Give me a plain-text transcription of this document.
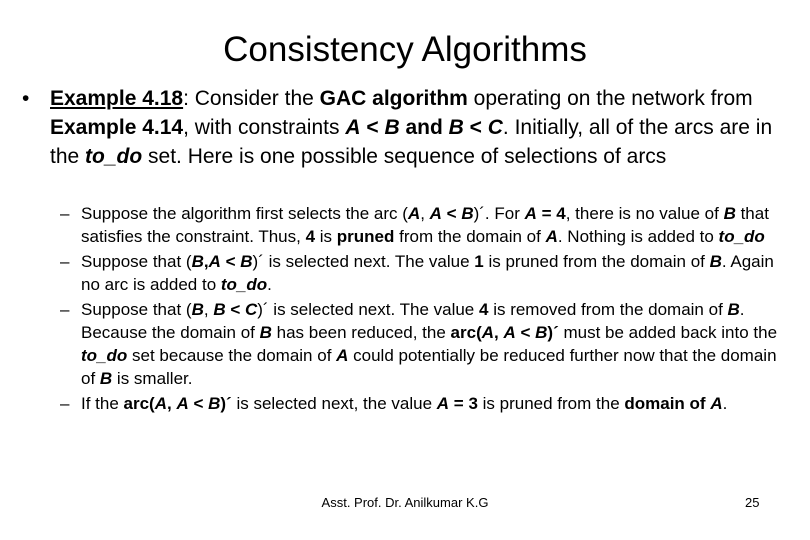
Consistency Algorithms
• Example 4.18: Consider the GAC algorithm operating on the network from Example 4.14, with constraints A < B and B < C. Initially, all of the arcs are in the to_do set. Here is one possible sequence of selections of arcs
– Suppose the algorithm first selects the arc (A, A < B)´. For A = 4, there is no value of B that satisfies the constraint. Thus, 4 is pruned from the domain of A. Nothing is added to to_do
– Suppose that (B,A < B)´ is selected next. The value 1 is pruned from the domain of B. Again no arc is added to to_do.
– Suppose that (B, B < C)´ is selected next. The value 4 is removed from the domain of B. Because the domain of B has been reduced, the arc(A, A < B)´ must be added back into the to_do set because the domain of A could potentially be reduced further now that the domain of B is smaller.
– If the arc(A, A < B)´ is selected next, the value A = 3 is pruned from the domain of A.
Asst. Prof. Dr. Anilkumar K.G	25
